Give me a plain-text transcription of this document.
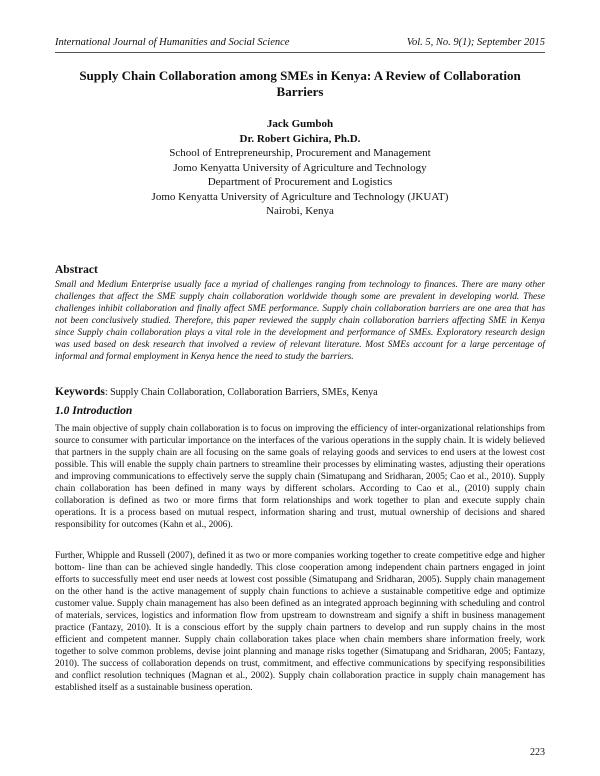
International Journal of Humanities and Social Science	Vol. 5, No. 9(1); September 2015
Supply Chain Collaboration among SMEs in Kenya: A Review of Collaboration Barriers
Jack Gumboh
Dr. Robert Gichira, Ph.D.
School of Entrepreneurship, Procurement and Management
Jomo Kenyatta University of Agriculture and Technology
Department of Procurement and Logistics
Jomo Kenyatta University of Agriculture and Technology (JKUAT)
Nairobi, Kenya
Abstract
Small and Medium Enterprise usually face a myriad of challenges ranging from technology to finances. There are many other challenges that affect the SME supply chain collaboration worldwide though some are prevalent in developing world. These challenges inhibit collaboration and finally affect SME performance. Supply chain collaboration barriers are one area that has not been conclusively studied. Therefore, this paper reviewed the supply chain collaboration barriers affecting SME in Kenya since Supply chain collaboration plays a vital role in the development and performance of SMEs. Exploratory research design was used based on desk research that involved a review of relevant literature. Most SMEs account for a large percentage of informal and formal employment in Kenya hence the need to study the barriers.
Keywords: Supply Chain Collaboration, Collaboration Barriers, SMEs, Kenya
1.0 Introduction
The main objective of supply chain collaboration is to focus on improving the efficiency of inter-organizational relationships from source to consumer with particular importance on the interfaces of the various operations in the supply chain. It is widely believed that partners in the supply chain are all focusing on the same goals of relaying goods and services to end users at the lowest cost possible. This will enable the supply chain partners to streamline their processes by eliminating wastes, adjusting their operations and improving communications to effectively serve the supply chain (Simatupang and Sridharan, 2005; Cao et al., 2010). Supply chain collaboration has been defined in many ways by different scholars. According to Cao et al., (2010) supply chain collaboration is defined as two or more firms that form relationships and work together to plan and execute supply chain operations. It is a process based on mutual respect, information sharing and trust, mutual ownership of decisions and shared responsibility for outcomes (Kahn et al., 2006).
Further, Whipple and Russell (2007), defined it as two or more companies working together to create competitive edge and higher bottom- line than can be achieved single handedly. This close cooperation among independent chain partners engaged in joint efforts to successfully meet end user needs at lowest cost possible (Simatupang and Sridharan, 2005). Supply chain management on the other hand is the active management of supply chain functions to achieve a sustainable competitive edge and optimize customer value. Supply chain management has also been defined as an integrated approach beginning with scheduling and control of materials, services, logistics and information flow from upstream to downstream and signify a shift in business management practice (Fantazy, 2010). It is a conscious effort by the supply chain partners to develop and run supply chains in the most efficient and competent manner. Supply chain collaboration takes place when chain members share information freely, work together to solve common problems, devise joint planning and manage risks together (Simatupang and Sridharan, 2005; Fantazy, 2010). The success of collaboration depends on trust, commitment, and effective communications by specifying responsibilities and conflict resolution techniques (Magnan et al., 2002). Supply chain collaboration practice in supply chain management has established itself as a sustainable business operation.
223
